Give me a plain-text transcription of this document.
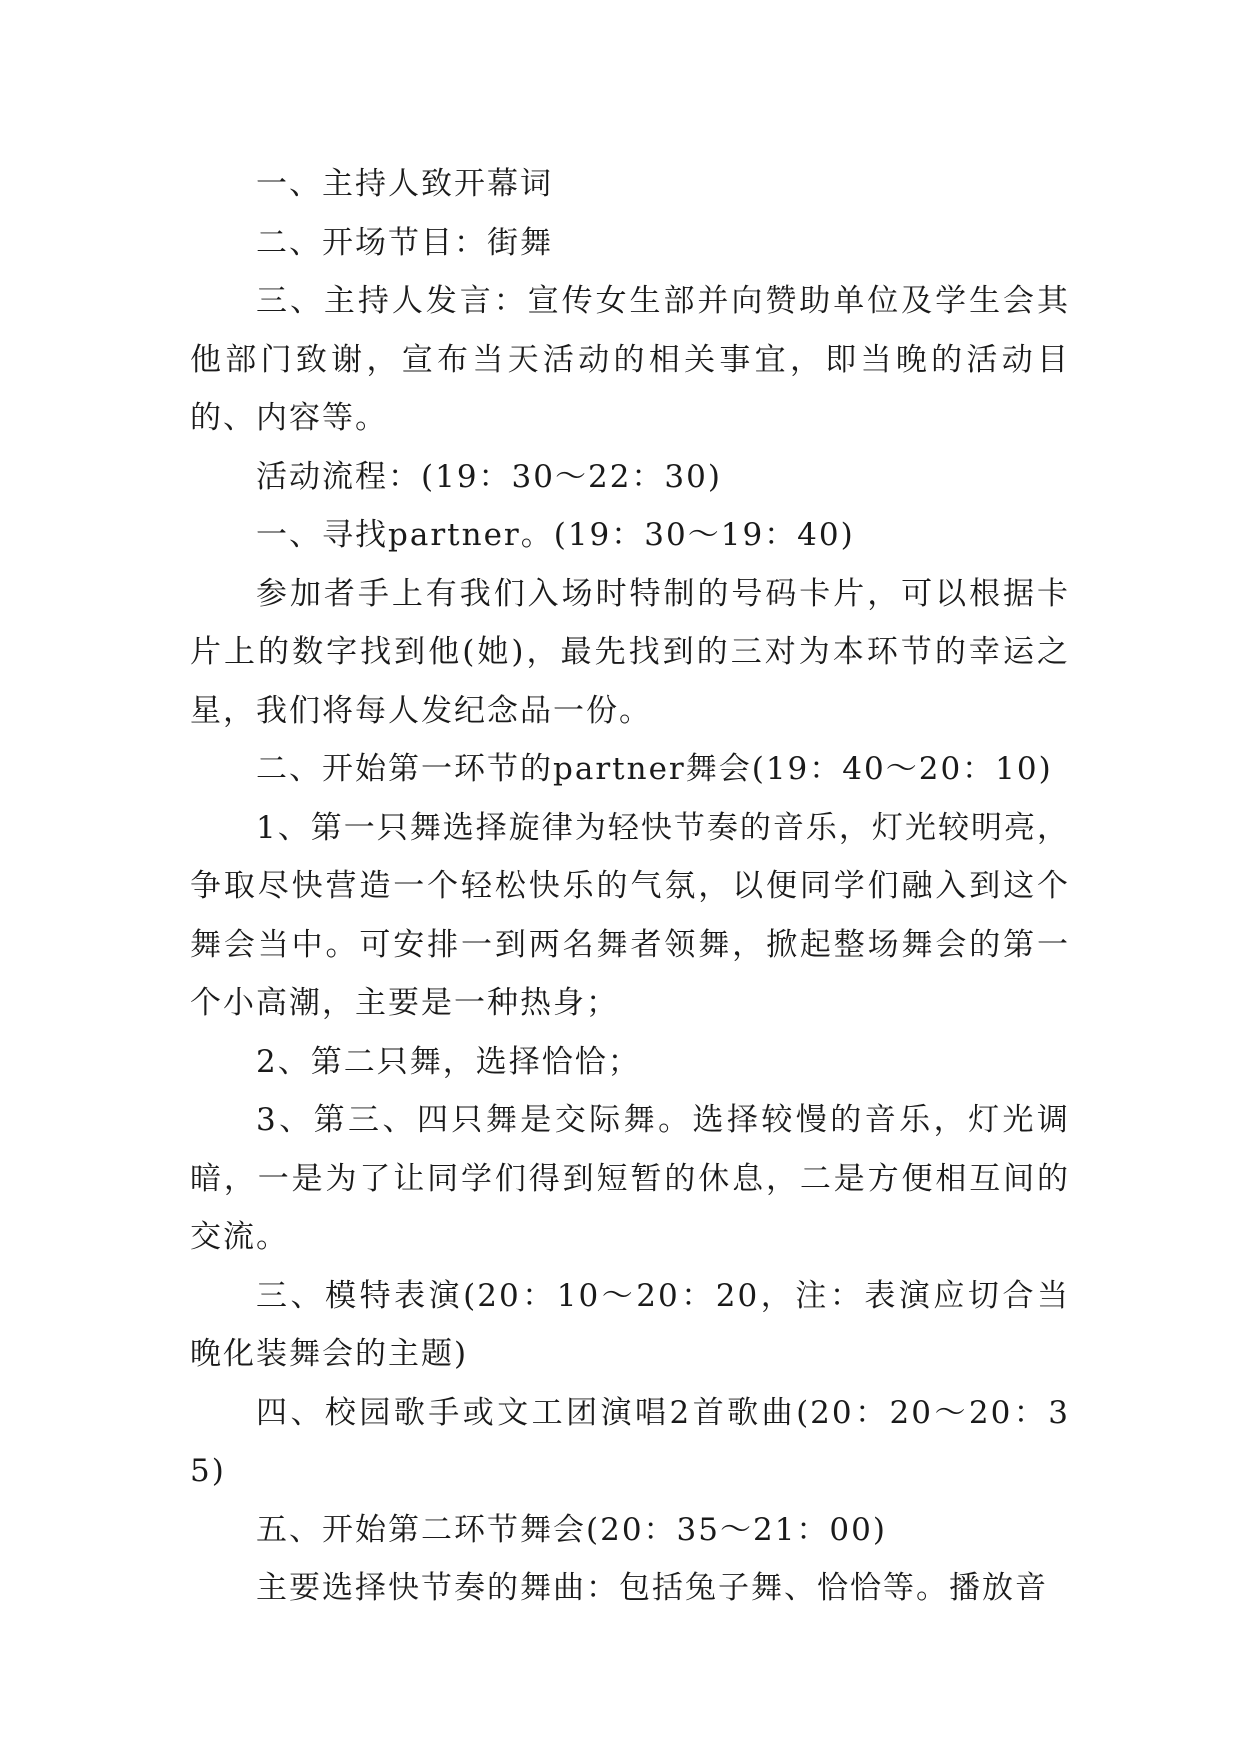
一、主持人致开幕词

二、开场节目：街舞

三、主持人发言：宣传女生部并向赞助单位及学生会其他部门致谢，宣布当天活动的相关事宜，即当晚的活动目的、内容等。

活动流程：(19：30～22：30)

一、寻找partner。(19：30～19：40)

参加者手上有我们入场时特制的号码卡片，可以根据卡片上的数字找到他(她)，最先找到的三对为本环节的幸运之星，我们将每人发纪念品一份。

二、开始第一环节的partner舞会(19：40～20：10)

1、第一只舞选择旋律为轻快节奏的音乐，灯光较明亮，争取尽快营造一个轻松快乐的气氛，以便同学们融入到这个舞会当中。可安排一到两名舞者领舞，掀起整场舞会的第一个小高潮，主要是一种热身；

2、第二只舞，选择恰恰；

3、第三、四只舞是交际舞。选择较慢的音乐，灯光调暗，一是为了让同学们得到短暂的休息，二是方便相互间的交流。

三、模特表演(20：10～20：20，注：表演应切合当晚化装舞会的主题)

四、校园歌手或文工团演唱2首歌曲(20：20～20：35)

五、开始第二环节舞会(20：35～21：00)

主要选择快节奏的舞曲：包括兔子舞、恰恰等。播放音
